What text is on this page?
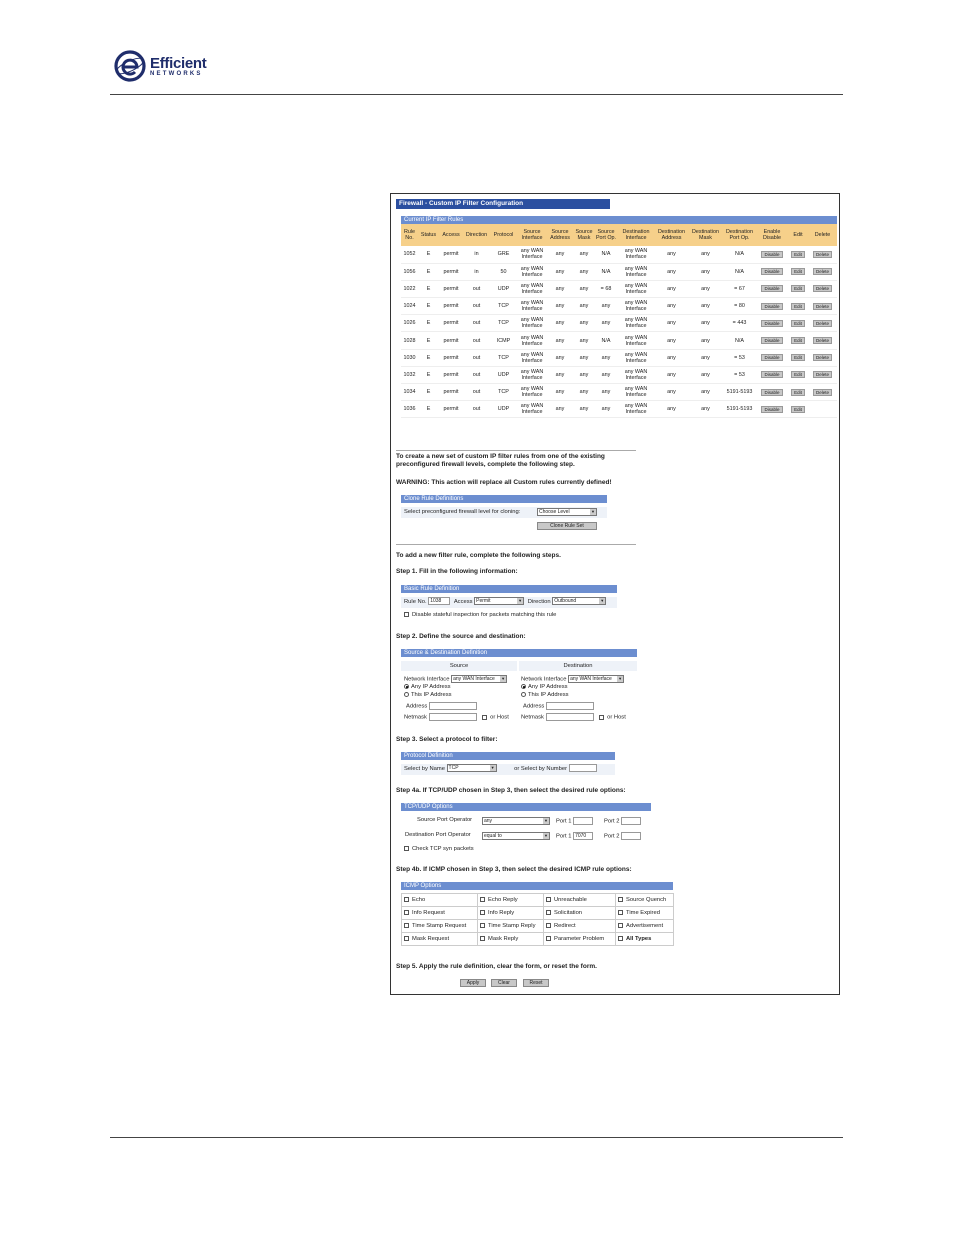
Efficient
NETWORKS
Firewall - Custom IP Filter Configuration
Current IP Filter Rules
Rule No.	Status	Access	Direction	Protocol	Source Interface	Source Address	Source Mask	Source Port Op.	Destination Interface	Destination Address	Destination Mask	Destination Port Op.	Enable Disable	Edit	Delete
1052	E	permit	in	GRE	any WAN Interface	any	any	N/A	any WAN Interface	any	any	N/A	Disable	Edit	Delete
1056	E	permit	in	50	any WAN Interface	any	any	N/A	any WAN Interface	any	any	N/A	Disable	Edit	Delete
1022	E	permit	out	UDP	any WAN Interface	any	any	= 68	any WAN Interface	any	any	= 67	Disable	Edit	Delete
1024	E	permit	out	TCP	any WAN Interface	any	any	any	any WAN Interface	any	any	= 80	Disable	Edit	Delete
1026	E	permit	out	TCP	any WAN Interface	any	any	any	any WAN Interface	any	any	= 443	Disable	Edit	Delete
1028	E	permit	out	ICMP	any WAN Interface	any	any	N/A	any WAN Interface	any	any	N/A	Disable	Edit	Delete
1030	E	permit	out	TCP	any WAN Interface	any	any	any	any WAN Interface	any	any	= 53	Disable	Edit	Delete
1032	E	permit	out	UDP	any WAN Interface	any	any	any	any WAN Interface	any	any	= 53	Disable	Edit	Delete
1034	E	permit	out	TCP	any WAN Interface	any	any	any	any WAN Interface	any	any	5191-5193	Disable	Edit	Delete
1036	E	permit	out	UDP	any WAN Interface	any	any	any	any WAN Interface	any	any	5191-5193	Disable	Edit	
To create a new set of custom IP filter rules from one of the existing preconfigured firewall levels, complete the following step.
WARNING: This action will replace all Custom rules currently defined!
Clone Rule Definitions
Select preconfigured firewall level for cloning:	Choose Level ▼
Clone Rule Set
To add a new filter rule, complete the following steps.
Step 1. Fill in the following information:
Basic Rule Definition
Rule No. 1038 Access Permit ▼	Direction Outbound ▼
Disable stateful inspection for packets matching this rule
Step 2. Define the source and destination:
Source & Destination Definition
Source	Destination
Network Interface any WAN Interface ▼
Any IP Address
This IP Address
Address
Netmask	or Host
Network Interface any WAN Interface ▼
Any IP Address
This IP Address
Address
Netmask	or Host
Step 3. Select a protocol to filter:
Protocol Definition
Select by Name TCP ▼	or Select by Number
Step 4a. If TCP/UDP chosen in Step 3, then select the desired rule options:
TCP/UDP Options
Source Port Operator	any ▼	Port 1	Port 2
Destination Port Operator	equal to ▼	Port 1 7070	Port 2
Check TCP syn packets
Step 4b. If ICMP chosen in Step 3, then select the desired ICMP rule options:
ICMP Options
Echo	Echo Reply	Unreachable	Source Quench
Info Request	Info Reply	Solicitation	Time Expired
Time Stamp Request	Time Stamp Reply	Redirect	Advertisement
Mask Request	Mask Reply	Parameter Problem	All Types
Step 5. Apply the rule definition, clear the form, or reset the form.
Apply	Clear	Reset
